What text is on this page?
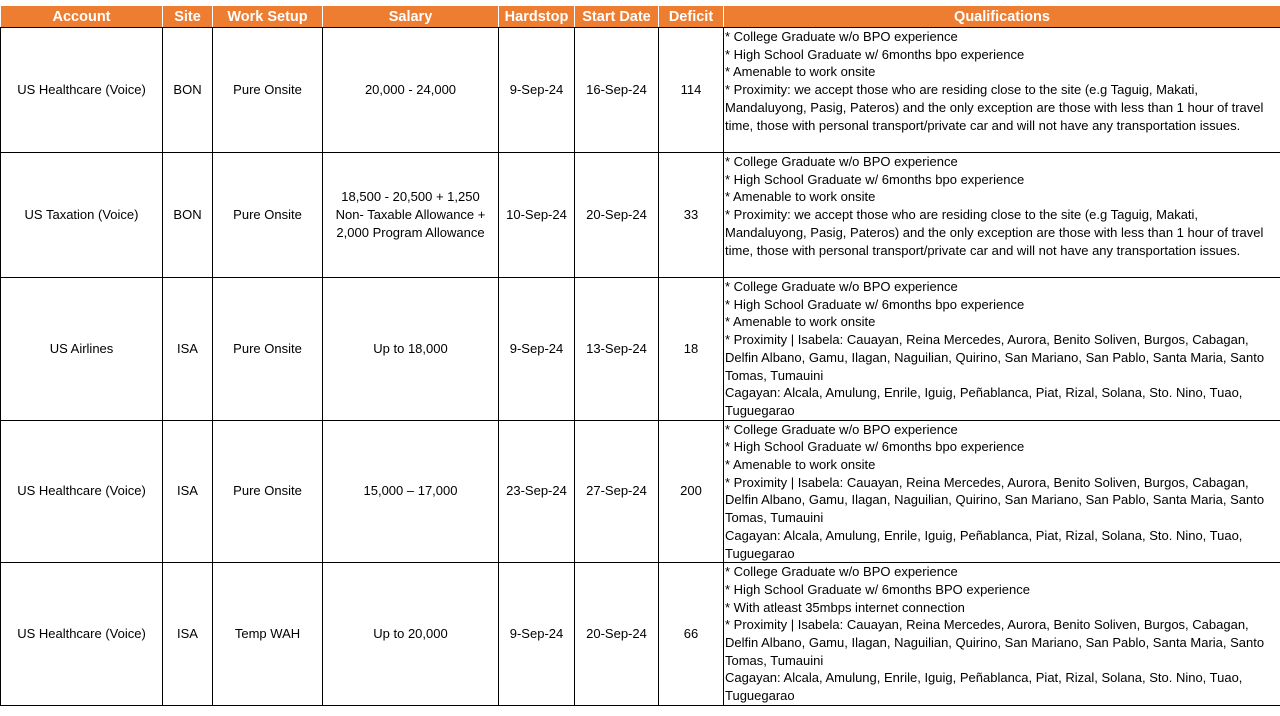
Account	Site	Work Setup	Salary	Hardstop	Start Date	Deficit	Qualifications
US Healthcare (Voice)	BON	Pure Onsite	20,000 - 24,000	9-Sep-24	16-Sep-24	114	* College Graduate w/o BPO experience
* High School Graduate w/ 6months bpo experience
* Amenable to work onsite
* Proximity: we accept those who are residing close to the site (e.g Taguig, Makati, Mandaluyong, Pasig, Pateros) and the only exception are those with less than 1 hour of travel time, those with personal transport/private car and will not have any transportation issues.

US Taxation (Voice)	BON	Pure Onsite	18,500 - 20,500 + 1,250 Non- Taxable Allowance + 2,000 Program Allowance	10-Sep-24	20-Sep-24	33	* College Graduate w/o BPO experience
* High School Graduate w/ 6months bpo experience
* Amenable to work onsite
* Proximity: we accept those who are residing close to the site (e.g Taguig, Makati, Mandaluyong, Pasig, Pateros) and the only exception are those with less than 1 hour of travel time, those with personal transport/private car and will not have any transportation issues.

US Airlines	ISA	Pure Onsite	Up to 18,000	9-Sep-24	13-Sep-24	18	* College Graduate w/o BPO experience
* High School Graduate w/ 6months bpo experience
* Amenable to work onsite
* Proximity | Isabela: Cauayan, Reina Mercedes, Aurora, Benito Soliven, Burgos, Cabagan, Delfin Albano, Gamu, Ilagan, Naguilian, Quirino, San Mariano, San Pablo, Santa Maria, Santo Tomas, Tumauini
Cagayan: Alcala, Amulung, Enrile, Iguig, Peñablanca, Piat, Rizal, Solana, Sto. Nino, Tuao, Tuguegarao

US Healthcare (Voice)	ISA	Pure Onsite	15,000 – 17,000	23-Sep-24	27-Sep-24	200	* College Graduate w/o BPO experience
* High School Graduate w/ 6months bpo experience
* Amenable to work onsite
* Proximity | Isabela: Cauayan, Reina Mercedes, Aurora, Benito Soliven, Burgos, Cabagan, Delfin Albano, Gamu, Ilagan, Naguilian, Quirino, San Mariano, San Pablo, Santa Maria, Santo Tomas, Tumauini
Cagayan: Alcala, Amulung, Enrile, Iguig, Peñablanca, Piat, Rizal, Solana, Sto. Nino, Tuao, Tuguegarao

US Healthcare (Voice)	ISA	Temp WAH	Up to 20,000	9-Sep-24	20-Sep-24	66	* College Graduate w/o BPO experience
* High School Graduate w/ 6months BPO experience
* With atleast 35mbps internet connection
* Proximity | Isabela: Cauayan, Reina Mercedes, Aurora, Benito Soliven, Burgos, Cabagan, Delfin Albano, Gamu, Ilagan, Naguilian, Quirino, San Mariano, San Pablo, Santa Maria, Santo Tomas, Tumauini
Cagayan: Alcala, Amulung, Enrile, Iguig, Peñablanca, Piat, Rizal, Solana, Sto. Nino, Tuao, Tuguegarao
